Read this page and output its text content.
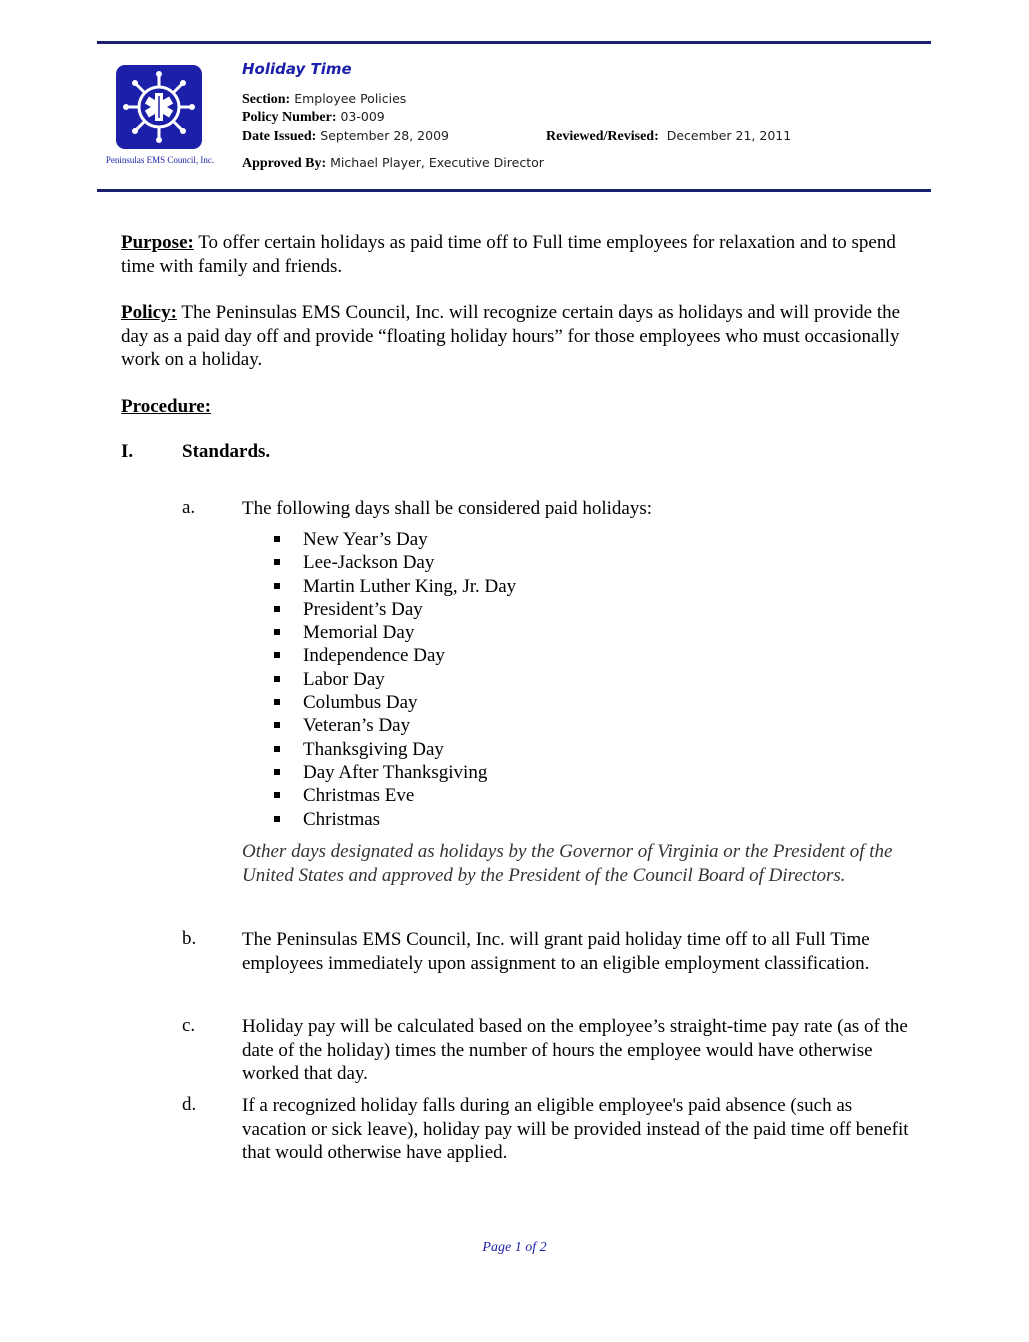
Peninsulas EMS Council, Inc.
Holiday Time
Section: Employee Policies
Policy Number: 03-009
Date Issued: September 28, 2009	Reviewed/Revised: December 21, 2011
Approved By: Michael Player, Executive Director
Purpose: To offer certain holidays as paid time off to Full time employees for relaxation and to spend time with family and friends.
Policy: The Peninsulas EMS Council, Inc. will recognize certain days as holidays and will provide the day as a paid day off and provide “floating holiday hours” for those employees who must occasionally work on a holiday.
Procedure:
I.	Standards.
a. The following days shall be considered paid holidays:
New Year’s Day
Lee-Jackson Day
Martin Luther King, Jr. Day
President’s Day
Memorial Day
Independence Day
Labor Day
Columbus Day
Veteran’s Day
Thanksgiving Day
Day After Thanksgiving
Christmas Eve
Christmas
Other days designated as holidays by the Governor of Virginia or the President of the United States and approved by the President of the Council Board of Directors.
b. The Peninsulas EMS Council, Inc. will grant paid holiday time off to all Full Time employees immediately upon assignment to an eligible employment classification.
c. Holiday pay will be calculated based on the employee’s straight-time pay rate (as of the date of the holiday) times the number of hours the employee would have otherwise worked that day.
d. If a recognized holiday falls during an eligible employee's paid absence (such as vacation or sick leave), holiday pay will be provided instead of the paid time off benefit that would otherwise have applied.
Page 1 of 2
